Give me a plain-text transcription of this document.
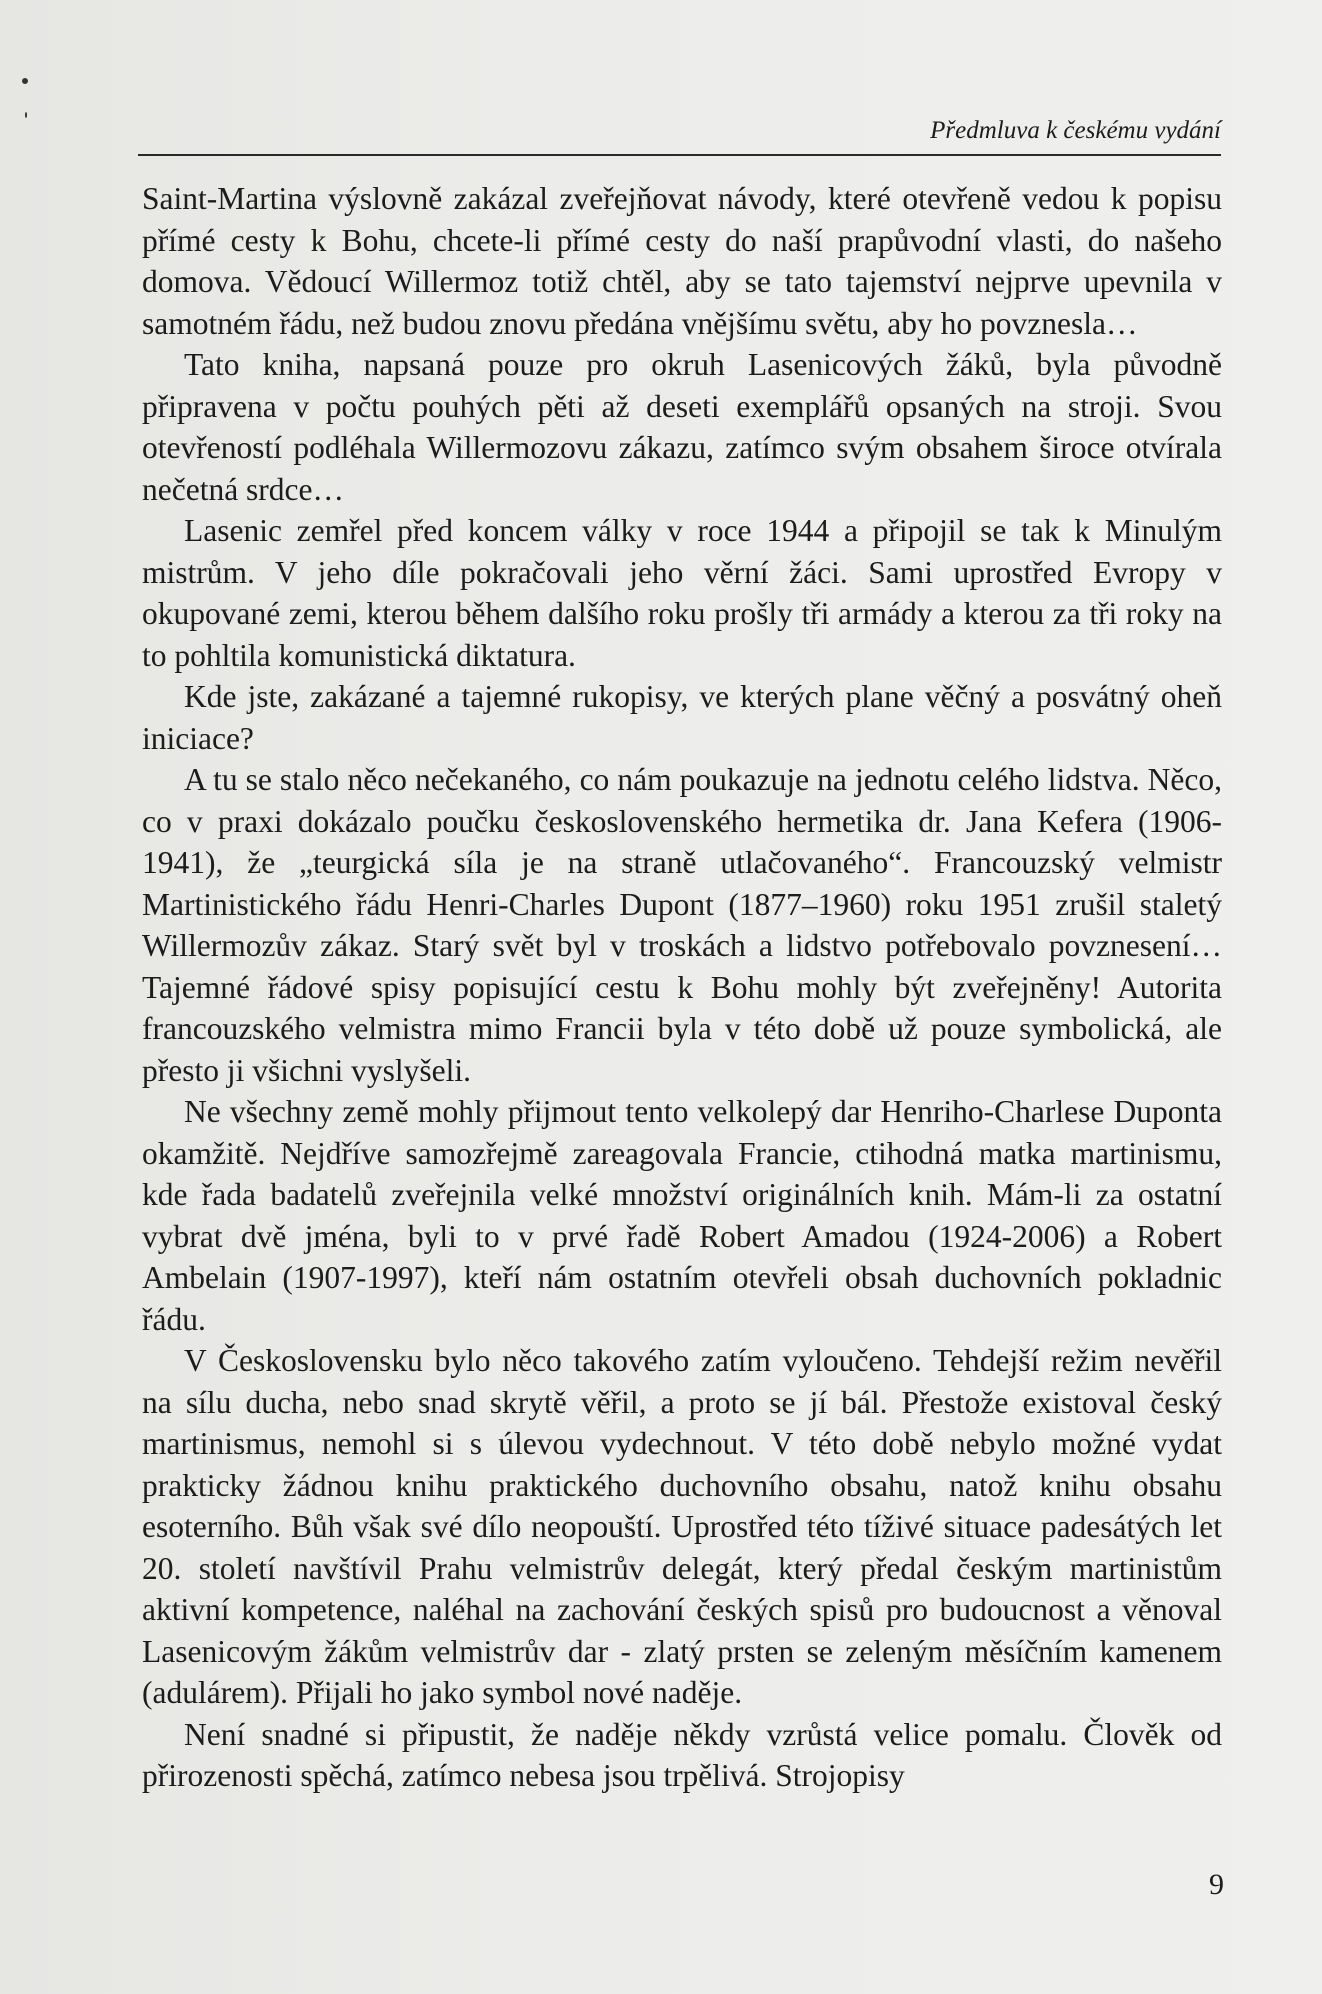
Předmluva k českému vydání

Saint-Martina výslovně zakázal zveřejňovat návody, které otevřeně vedou k popisu přímé cesty k Bohu, chcete-li přímé cesty do naší prapůvodní vlasti, do našeho domova. Vědoucí Willermoz totiž chtěl, aby se tato tajemství nejprve upevnila v samotném řádu, než budou znovu předána vnějšímu světu, aby ho povznesla…

Tato kniha, napsaná pouze pro okruh Lasenicových žáků, byla původně připravena v počtu pouhých pěti až deseti exemplářů opsaných na stroji. Svou otevřeností podléhala Willermozovu zákazu, zatímco svým obsahem široce otvírala nečetná srdce…

Lasenic zemřel před koncem války v roce 1944 a připojil se tak k Minulým mistrům. V jeho díle pokračovali jeho věrní žáci. Sami uprostřed Evropy v okupované zemi, kterou během dalšího roku prošly tři armády a kterou za tři roky na to pohltila komunistická diktatura.

Kde jste, zakázané a tajemné rukopisy, ve kterých plane věčný a posvátný oheň iniciace?

A tu se stalo něco nečekaného, co nám poukazuje na jednotu celého lidstva. Něco, co v praxi dokázalo poučku československého hermetika dr. Jana Kefera (1906-1941), že „teurgická síla je na straně utlačovaného“. Francouzský velmistr Martinistického řádu Henri-Charles Dupont (1877–1960) roku 1951 zrušil staletý Willermozův zákaz. Starý svět byl v troskách a lidstvo potřebovalo povznesení… Tajemné řádové spisy popisující cestu k Bohu mohly být zveřejněny! Autorita francouzského velmistra mimo Francii byla v této době už pouze symbolická, ale přesto ji všichni vyslyšeli.

Ne všechny země mohly přijmout tento velkolepý dar Henriho-Charlese Duponta okamžitě. Nejdříve samozřejmě zareagovala Francie, ctihodná matka martinismu, kde řada badatelů zveřejnila velké množství originálních knih. Mám-li za ostatní vybrat dvě jména, byli to v prvé řadě Robert Amadou (1924-2006) a Robert Ambelain (1907-1997), kteří nám ostatním otevřeli obsah duchovních pokladnic řádu.

V Československu bylo něco takového zatím vyloučeno. Tehdejší režim nevěřil na sílu ducha, nebo snad skrytě věřil, a proto se jí bál. Přestože existoval český martinismus, nemohl si s úlevou vydechnout. V této době nebylo možné vydat prakticky žádnou knihu praktického duchovního obsahu, natož knihu obsahu esoterního. Bůh však své dílo neopouští. Uprostřed této tíživé situace padesátých let 20. století navštívil Prahu velmistrův delegát, který předal českým martinistům aktivní kompetence, naléhal na zachování českých spisů pro budoucnost a věnoval Lasenicovým žákům velmistrův dar - zlatý prsten se zeleným měsíčním kamenem (adulárem). Přijali ho jako symbol nové naděje.

Není snadné si připustit, že naděje někdy vzrůstá velice pomalu. Člověk od přirozenosti spěchá, zatímco nebesa jsou trpělivá. Strojopisy

9
